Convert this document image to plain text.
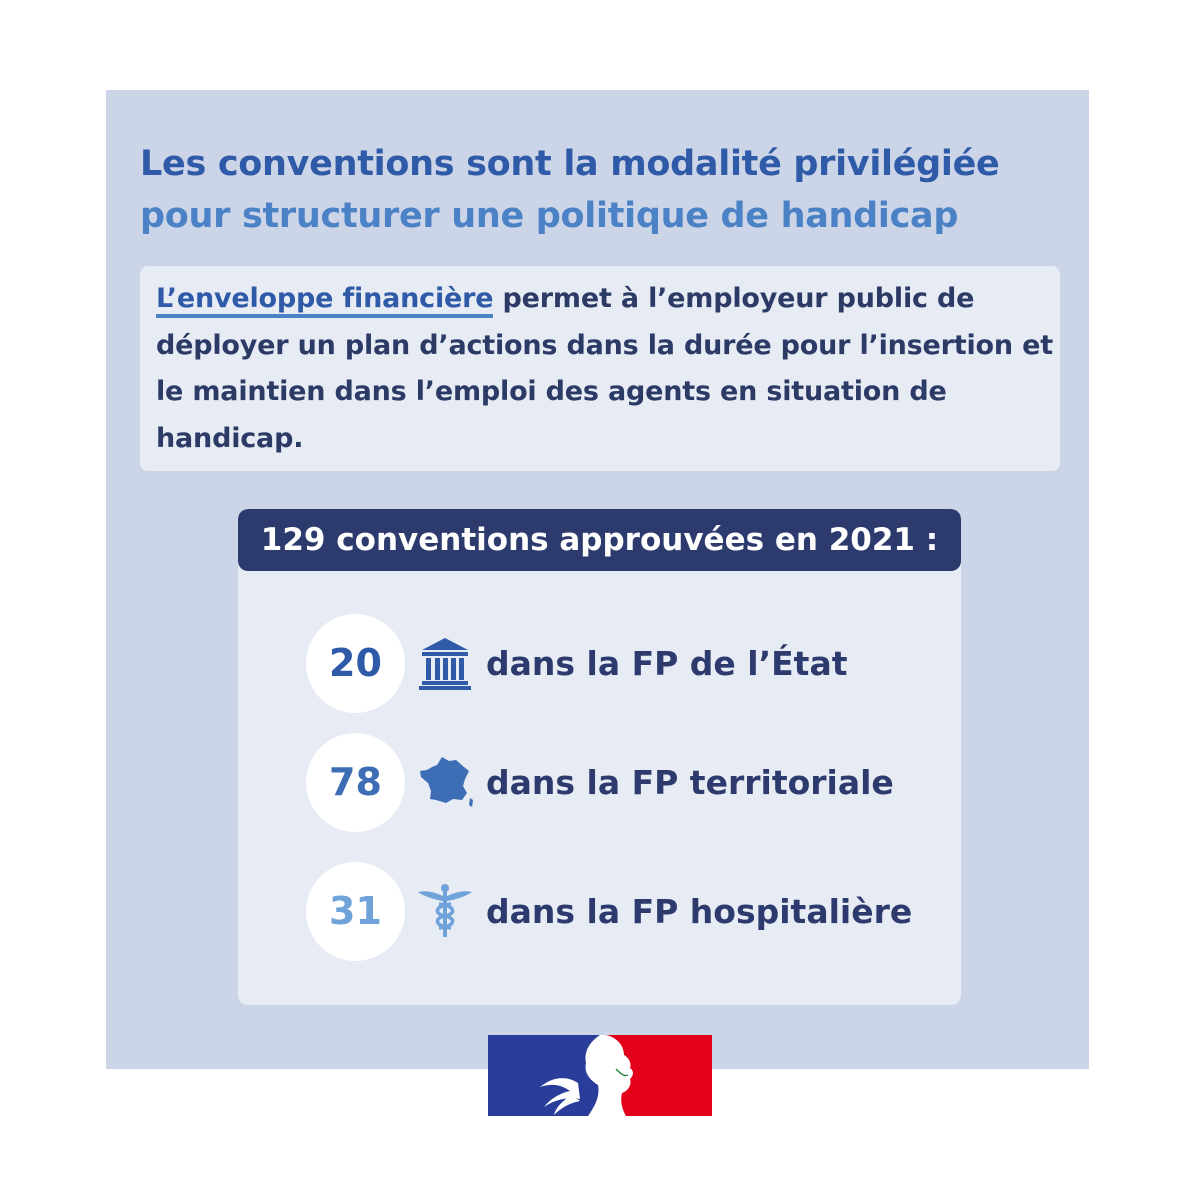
Les conventions sont la modalité privilégiée
pour structurer une politique de handicap

L’enveloppe financière permet à l’employeur public de déployer un plan d’actions dans la durée pour l’insertion et le maintien dans l’emploi des agents en situation de handicap.

129 conventions approuvées en 2021 :
20	dans la FP de l’État
78	dans la FP territoriale
31	dans la FP hospitalière
